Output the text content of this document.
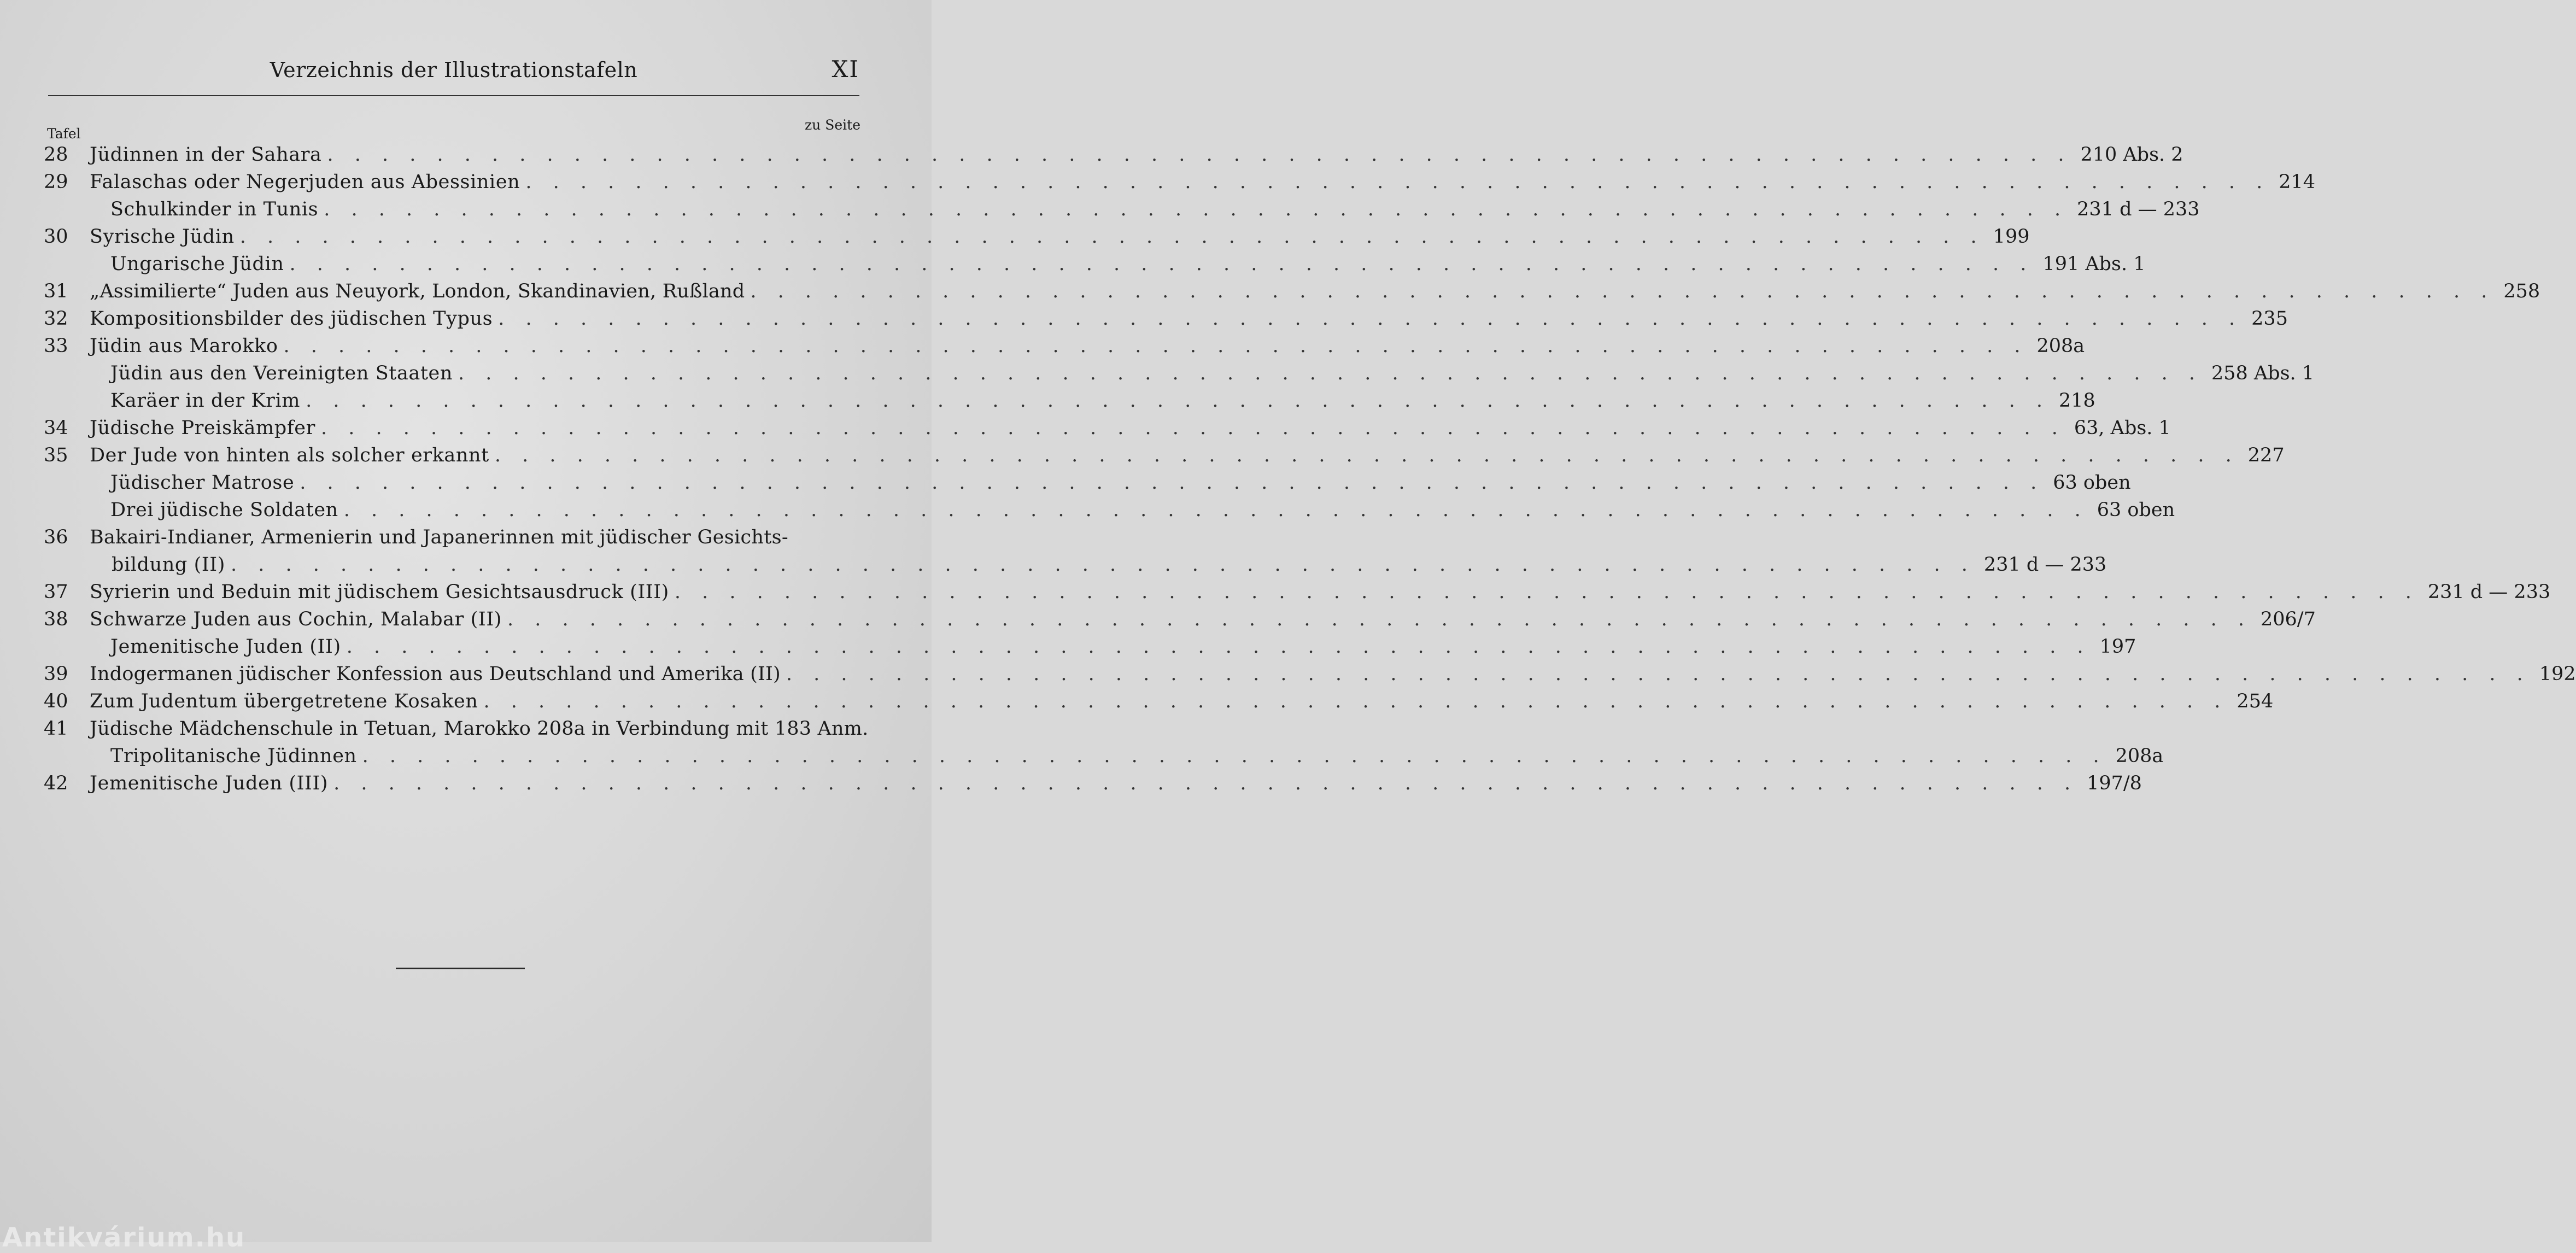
Verzeichnis der Illustrationstafeln	XI
Tafel
zu Seite
28	Jüdinnen in der Sahara . . .	210 Abs. 2
29	Falaschas oder Negerjuden aus Abessinien . . .	214
Schulkinder in Tunis . . .	231 d — 233
30	Syrische Jüdin . . .	199
Ungarische Jüdin . . .	191 Abs. 1
31	„Assimilierte“ Juden aus Neuyork, London, Skandinavien, Rußland . . .	258
32	Kompositionsbilder des jüdischen Typus . . .	235
33	Jüdin aus Marokko . . .	208a
Jüdin aus den Vereinigten Staaten . . .	258 Abs. 1
Karäer in der Krim . . .	218
34	Jüdische Preiskämpfer . . .	63, Abs. 1
35	Der Jude von hinten als solcher erkannt . . .	227
Jüdischer Matrose . . .	63 oben
Drei jüdische Soldaten . . .	63 oben
36	Bakairi-Indianer, Armenierin und Japanerinnen mit jüdischer Gesichts-
bildung (II) . . .	231 d — 233
37	Syrierin und Beduin mit jüdischem Gesichtsausdruck (III) . . .	231 d — 233
38	Schwarze Juden aus Cochin, Malabar (II) . . .	206/7
Jemenitische Juden (II) . . .	197
39	Indogermanen jüdischer Konfession aus Deutschland und Amerika (II) . . .	192
40	Zum Judentum übergetretene Kosaken . . .	254
41	Jüdische Mädchenschule in Tetuan, Marokko 208a in Verbindung mit 183 Anm.
Tripolitanische Jüdinnen . . .	208a
42	Jemenitische Juden (III) . . .	197/8
Antikvárium.hu
